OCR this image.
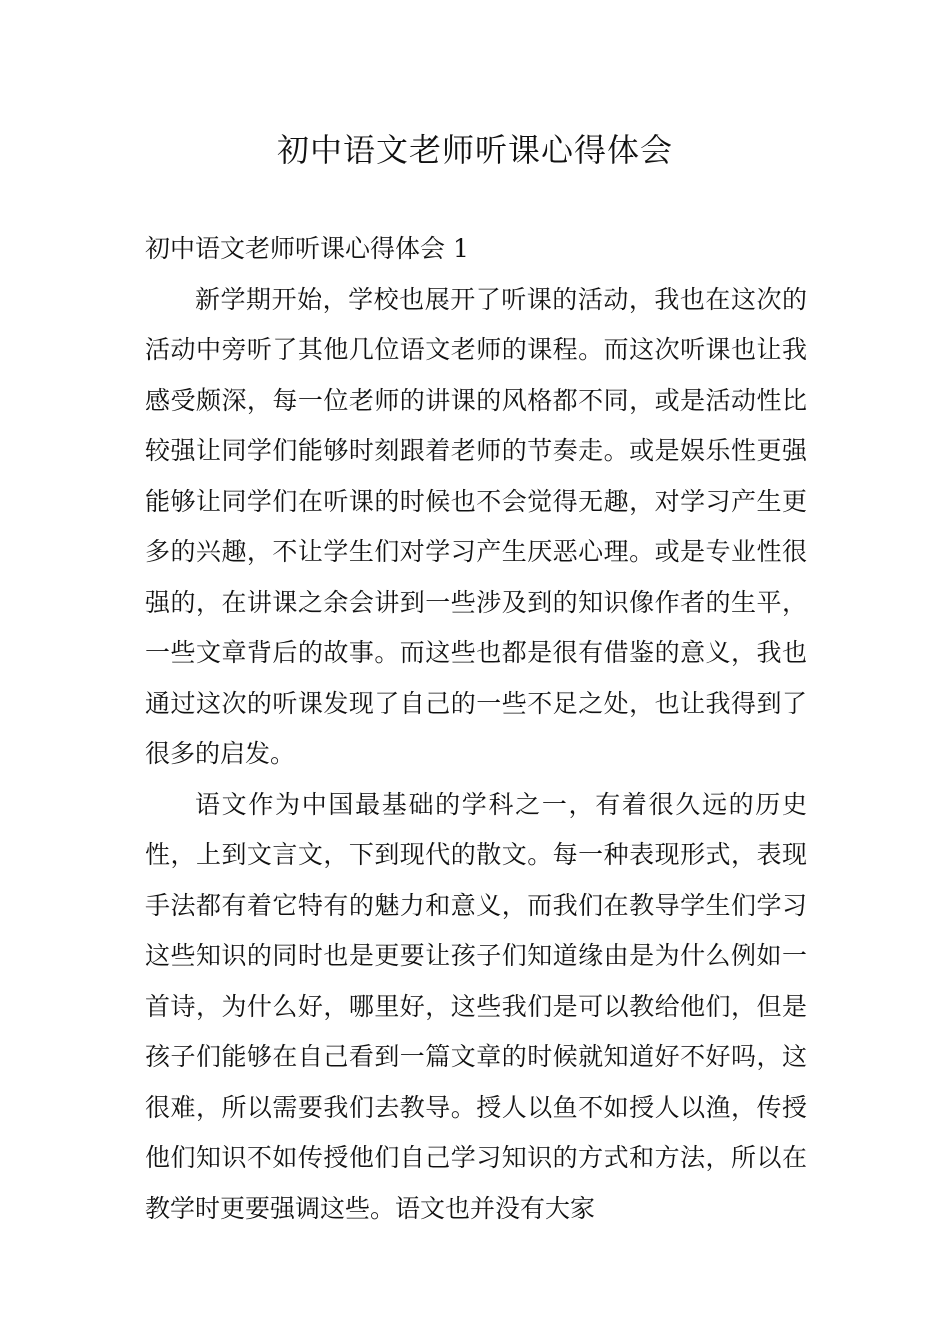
初中语文老师听课心得体会
初中语文老师听课心得体会 1

新学期开始，学校也展开了听课的活动，我也在这次的活动中旁听了其他几位语文老师的课程。而这次听课也让我感受颇深，每一位老师的讲课的风格都不同，或是活动性比较强让同学们能够时刻跟着老师的节奏走。或是娱乐性更强能够让同学们在听课的时候也不会觉得无趣，对学习产生更多的兴趣，不让学生们对学习产生厌恶心理。或是专业性很强的，在讲课之余会讲到一些涉及到的知识像作者的生平，一些文章背后的故事。而这些也都是很有借鉴的意义，我也通过这次的听课发现了自己的一些不足之处，也让我得到了很多的启发。

语文作为中国最基础的学科之一，有着很久远的历史性，上到文言文，下到现代的散文。每一种表现形式，表现手法都有着它特有的魅力和意义，而我们在教导学生们学习这些知识的同时也是更要让孩子们知道缘由是为什么例如一首诗，为什么好，哪里好，这些我们是可以教给他们，但是孩子们能够在自己看到一篇文章的时候就知道好不好吗，这很难，所以需要我们去教导。授人以鱼不如授人以渔，传授他们知识不如传授他们自己学习知识的方式和方法，所以在教学时更要强调这些。语文也并没有大家
